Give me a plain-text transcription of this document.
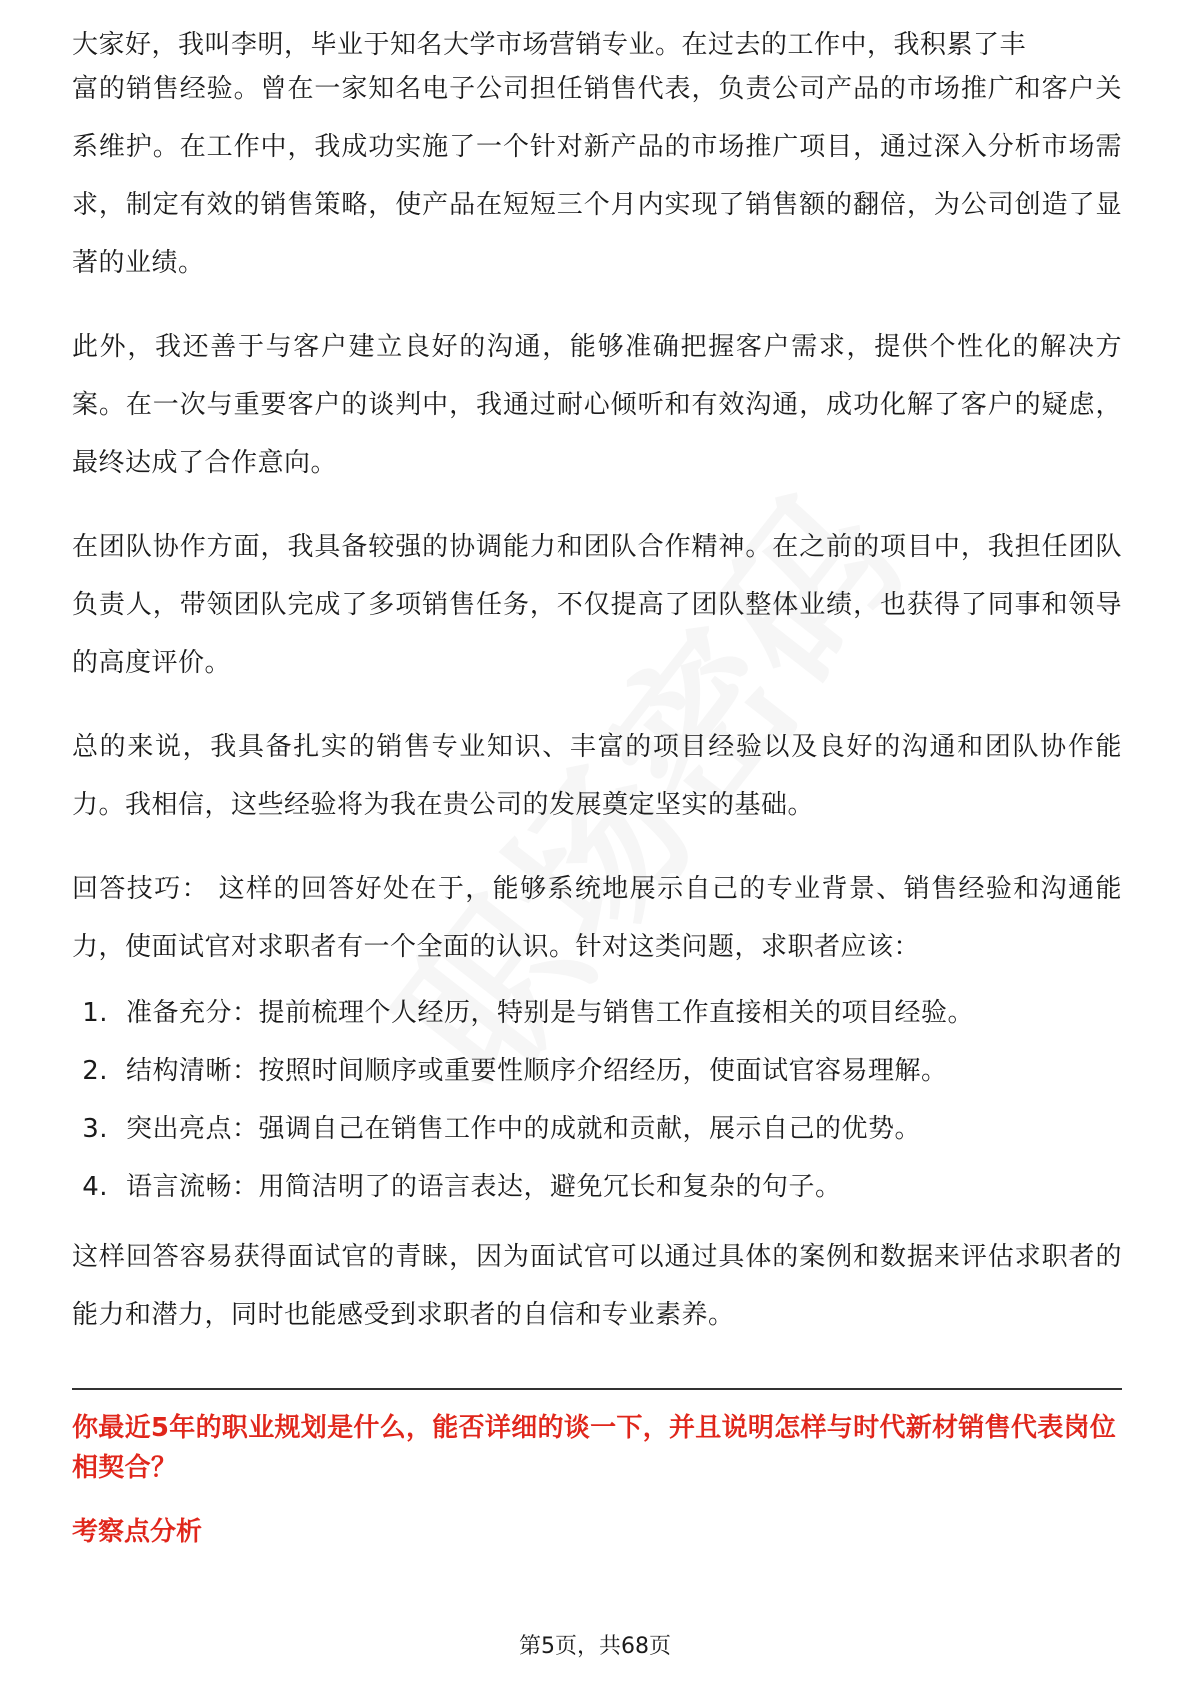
大家好，我叫李明，毕业于知名大学市场营销专业。在过去的工作中，我积累了丰

富的销售经验。曾在一家知名电子公司担任销售代表，负责公司产品的市场推广和客户关系维护。在工作中，我成功实施了一个针对新产品的市场推广项目，通过深入分析市场需求，制定有效的销售策略，使产品在短短三个月内实现了销售额的翻倍，为公司创造了显著的业绩。

此外，我还善于与客户建立良好的沟通，能够准确把握客户需求，提供个性化的解决方案。在一次与重要客户的谈判中，我通过耐心倾听和有效沟通，成功化解了客户的疑虑，最终达成了合作意向。

在团队协作方面，我具备较强的协调能力和团队合作精神。在之前的项目中，我担任团队负责人，带领团队完成了多项销售任务，不仅提高了团队整体业绩，也获得了同事和领导的高度评价。

总的来说，我具备扎实的销售专业知识、丰富的项目经验以及良好的沟通和团队协作能力。我相信，这些经验将为我在贵公司的发展奠定坚实的基础。

回答技巧： 这样的回答好处在于，能够系统地展示自己的专业背景、销售经验和沟通能力，使面试官对求职者有一个全面的认识。针对这类问题，求职者应该：

1. 准备充分：提前梳理个人经历，特别是与销售工作直接相关的项目经验。
2. 结构清晰：按照时间顺序或重要性顺序介绍经历，使面试官容易理解。
3. 突出亮点：强调自己在销售工作中的成就和贡献，展示自己的优势。
4. 语言流畅：用简洁明了的语言表达，避免冗长和复杂的句子。

这样回答容易获得面试官的青睐，因为面试官可以通过具体的案例和数据来评估求职者的能力和潜力，同时也能感受到求职者的自信和专业素养。

你最近5年的职业规划是什么，能否详细的谈一下，并且说明怎样与时代新材销售代表岗位相契合？

考察点分析

第5页，共68页
